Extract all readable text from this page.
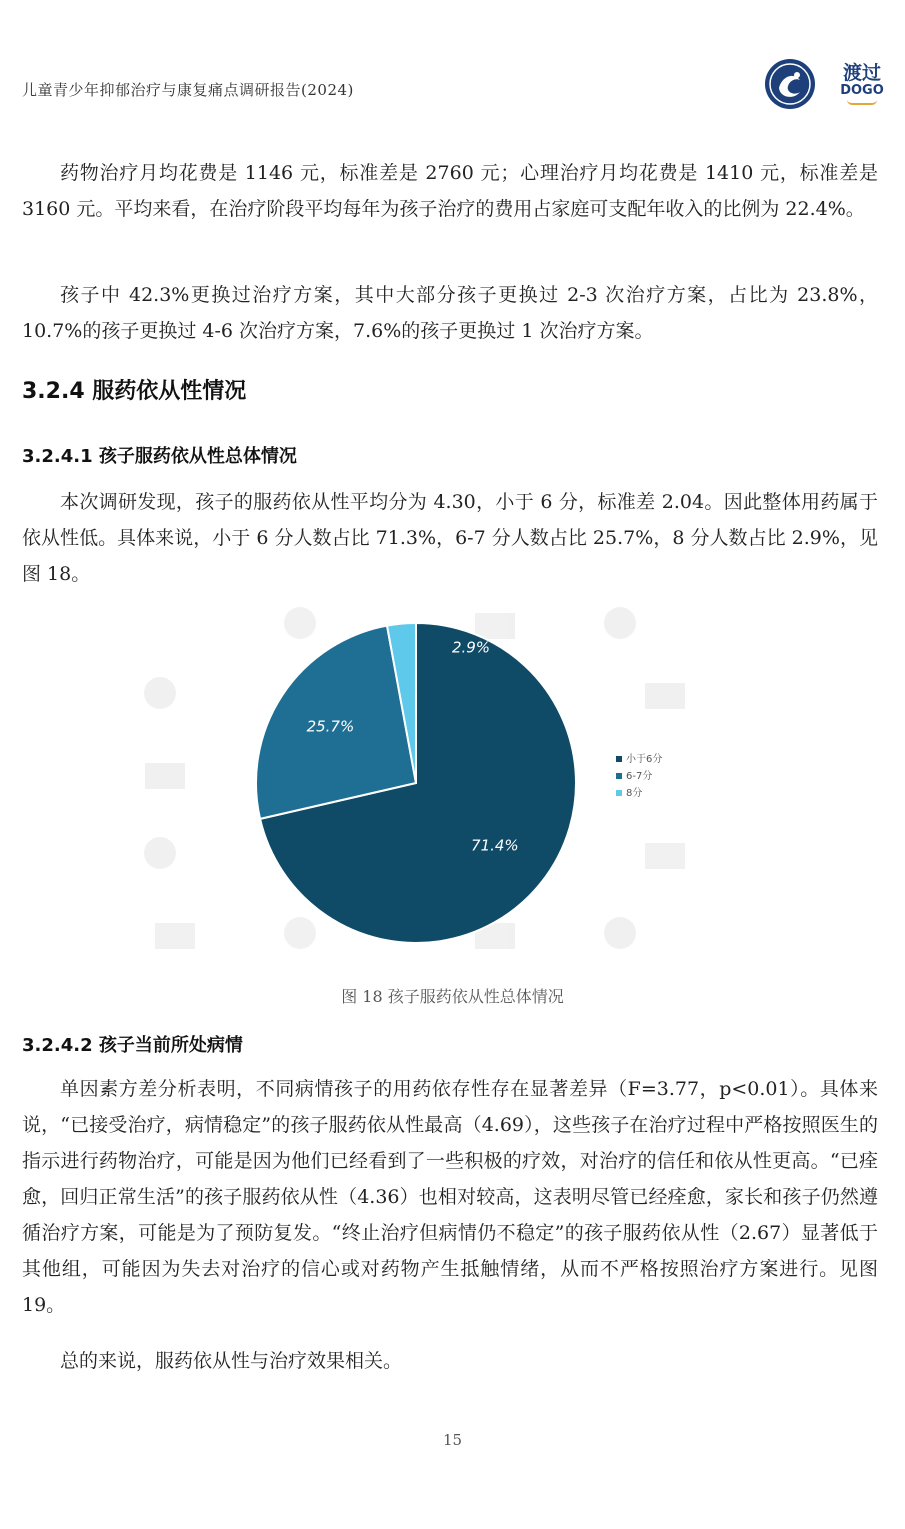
儿童青少年抑郁治疗与康复痛点调研报告(2024)
渡过
DOGO
药物治疗月均花费是 1146 元，标准差是 2760 元；心理治疗月均花费是 1410 元，标准差是 3160 元。平均来看，在治疗阶段平均每年为孩子治疗的费用占家庭可支配年收入的比例为 22.4%。
孩子中 42.3%更换过治疗方案，其中大部分孩子更换过 2-3 次治疗方案，占比为 23.8%，10.7%的孩子更换过 4-6 次治疗方案，7.6%的孩子更换过 1 次治疗方案。
3.2.4 服药依从性情况
3.2.4.1 孩子服药依从性总体情况
本次调研发现，孩子的服药依从性平均分为 4.30，小于 6 分，标准差 2.04。因此整体用药属于依从性低。具体来说，小于 6 分人数占比 71.3%，6-7 分人数占比 25.7%，8 分人数占比 2.9%，见图 18。
71.4%
25.7%
2.9%
小于6分
6-7分
8分
图 18 孩子服药依从性总体情况
3.2.4.2 孩子当前所处病情
单因素方差分析表明，不同病情孩子的用药依存性存在显著差异（F=3.77，p<0.01）。具体来说，“已接受治疗，病情稳定”的孩子服药依从性最高（4.69），这些孩子在治疗过程中严格按照医生的指示进行药物治疗，可能是因为他们已经看到了一些积极的疗效，对治疗的信任和依从性更高。“已痊愈，回归正常生活”的孩子服药依从性（4.36）也相对较高，这表明尽管已经痊愈，家长和孩子仍然遵循治疗方案，可能是为了预防复发。“终止治疗但病情仍不稳定”的孩子服药依从性（2.67）显著低于其他组，可能因为失去对治疗的信心或对药物产生抵触情绪，从而不严格按照治疗方案进行。见图 19。
总的来说，服药依从性与治疗效果相关。
15
